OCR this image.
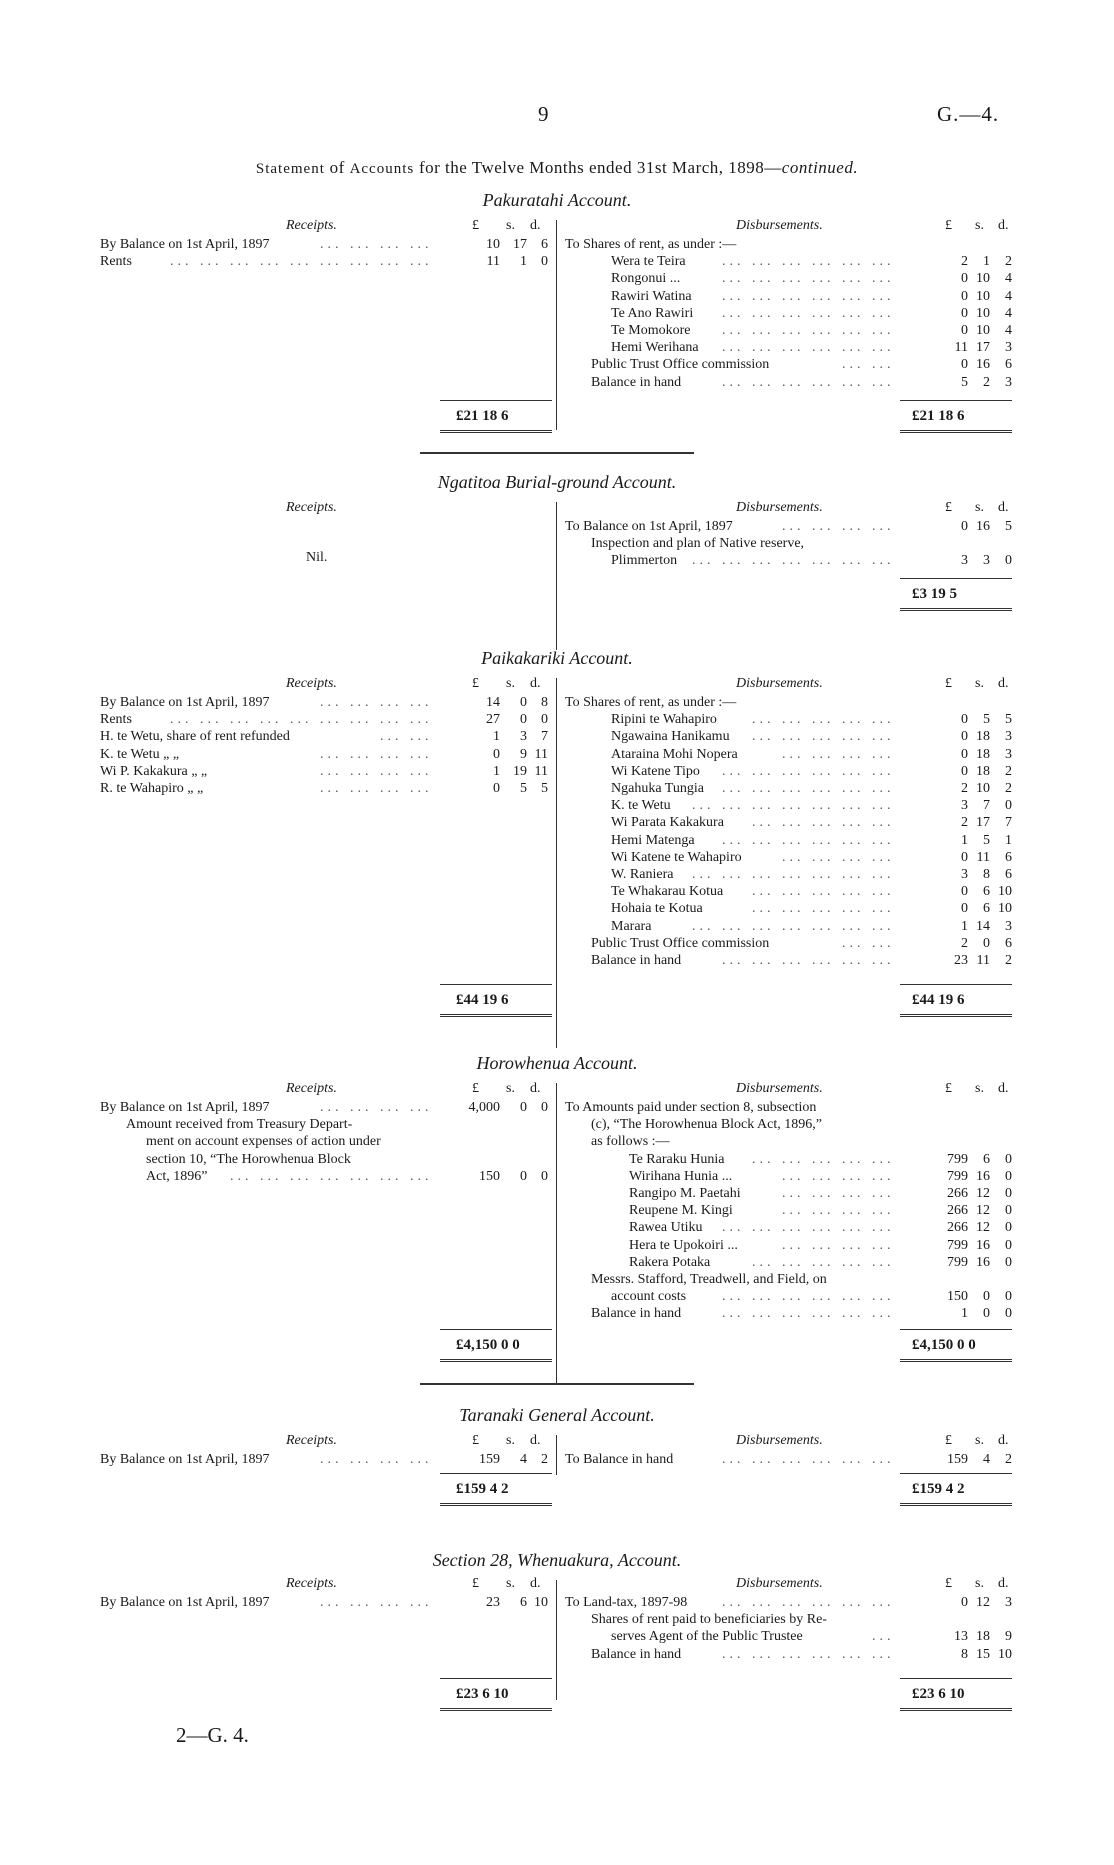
9	G.—4.
Statement of Accounts for the Twelve Months ended 31st March, 1898—continued.
Pakuratahi Account.
Receipts.	£ s. d.	Disbursements.	£ s. d.
By Balance on 1st April, 1897	... ... ... ...	10 17 6
Rents	... ... ... ... ... ... ... ... ...	11 1 0
To Shares of rent, as under :—
Wera te Teira	... ... ... ... ... ...	2 1 2
Rongonui ...	... ... ... ... ... ...	0 10 4
Rawiri Watina ... ... ... ... ... ...	0 10 4
Te Ano Rawiri ... ... ... ... ... ...	0 10 4
Te Momokore ... ... ... ... ... ...	0 10 4
Hemi Werihana ... ... ... ... ... ...	11 17 3
Public Trust Office commission	... ...	0 16 6
Balance in hand	... ... ... ... ... ...	5 2 3
£21 18 6	£21 18 6
Ngatitoa Burial-ground Account.
Nil.
Disbursements.	£ s. d.
Receipts.
To Balance on 1st April, 1897	... ... ... ...	0 16 5
Inspection and plan of Native reserve,
Plimmerton ... ... ... ... ... ... ...	3 3 0
£3 19 5
Paikakariki Account.
Receipts.	£ s. d.	Disbursements.	£ s. d.
By Balance on 1st April, 1897	... ... ... ...	14 0 8
Rents	... ... ... ... ... ... ... ... ...	27 0 0
H. te Wetu, share of rent refunded	... ...	1 3 7
K. te Wetu „ „	... ... ... ...	0 9 11
Wi P. Kakakura „ „	... ... ... ...	1 19 11
R. te Wahapiro „ „	... ... ... ...	0 5 5
To Shares of rent, as under :—
Ripini te Wahapiro	... ... ... ... ...	0 5 5
Ngawaina Hanikamu ... ... ... ... ...	0 18 3
Ataraina Mohi Nopera	... ... ... ...	0 18 3
Wi Katene Tipo ... ... ... ... ... ...	0 18 2
Ngahuka Tungia ... ... ... ... ... ...	2 10 2
K. te Wetu ... ... ... ... ... ... ...	3 7 0
Wi Parata Kakakura ... ... ... ... ...	2 17 7
Hemi Matenga ... ... ... ... ... ...	1 5 1
Wi Katene te Wahapiro	... ... ... ...	0 11 6
W. Raniera ... ... ... ... ... ... ...	3 8 6
Te Whakarau Kotua ... ... ... ... ...	0 6 10
Hohaia te Kotua	... ... ... ... ...	0 6 10
Marara	... ... ... ... ... ... ...	1 14 3
Public Trust Office commission	... ...	2 0 6
Balance in hand	... ... ... ... ... ...	23 11 2
£44 19 6	£44 19 6
Horowhenua Account.
Receipts.	£ s. d.	Disbursements.	£ s. d.
By Balance on 1st April, 1897	... ... ... ...	4,000 0 0
Amount received from Treasury Depart-
ment on account expenses of action under
section 10, “The Horowhenua Block
Act, 1896” ... ... ... ... ... ... ...	150 0 0
To Amounts paid under section 8, subsection
(c), “The Horowhenua Block Act, 1896,”
as follows :—
Te Raraku Hunia ... ... ... ... ...	799 6 0
Wirihana Hunia ...	... ... ... ...	799 16 0
Rangipo M. Paetahi	... ... ... ...	266 12 0
Reupene M. Kingi	... ... ... ...	266 12 0
Rawea Utiku ... ... ... ... ... ...	266 12 0
Hera te Upokoiri ...	... ... ... ...	799 16 0
Rakera Potaka	... ... ... ... ...	799 16 0
Messrs. Stafford, Treadwell, and Field, on
account costs	... ... ... ... ... ...	150 0 0
Balance in hand	... ... ... ... ... ...	1 0 0
£4,150 0 0	£4,150 0 0
Taranaki General Account.
Receipts.	£ s. d.	Disbursements.	£ s. d.
By Balance on 1st April, 1897	... ... ... ...	159 4 2 To Balance in hand	... ... ... ... ... ...	159 4 2
£159 4 2	£159 4 2
Section 28, Whenuakura, Account.
Receipts.	£ s. d.	Disbursements.	£ s. d.
By Balance on 1st April, 1897	... ... ... ...	23 6 10 To Land-tax, 1897-98 ... ... ... ... ... ...	0 12 3
Shares of rent paid to beneficiaries by Re-
serves Agent of the Public Trustee	...	13 18 9
Balance in hand	... ... ... ... ... ...	8 15 10
£23 6 10	£23 6 10
2—G. 4.
